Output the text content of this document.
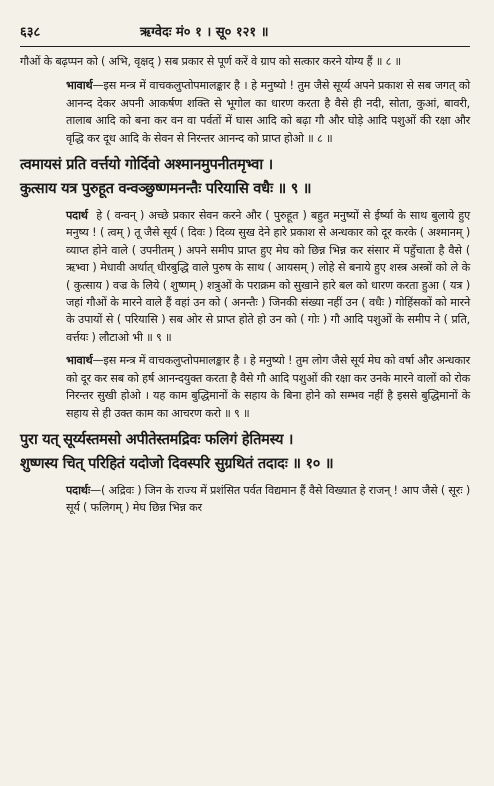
६३८	ऋग्वेदः मं० १ । सू० १२१ ॥

गौओं के बढ़प्पन को ( अभि, वृक्षद् ) सब प्रकार से पूर्ण करें वे ग्राप को सत्कार करने योग्य हैं ॥ ८ ॥

भावार्थ—इस मन्त्र में वाचकलुप्तोपमालङ्कार है । हे मनुष्यो ! तुम जैसे सूर्य्य अपने प्रकाश से सब जगत् को आनन्द देकर अपनी आकर्षण शक्ति से भूगोल का धारण करता है वैसे ही नदी, सोता, कुआं, बावरी, तालाब आदि को बना कर वन वा पर्वतों में घास आदि को बढ़ा गौ और घोड़े आदि पशुओं की रक्षा और वृद्धि कर दूध आदि के सेवन से निरन्तर आनन्द को प्राप्त होओ ॥ ८ ॥

त्वमायसं प्रति वर्त्तयो गोर्दिवो अश्मानमुपनीतमृभ्वा ।
कुत्साय यत्र पुरुहूत वन्वञ्छुष्णमनन्तैः परियासि वधैः ॥ ९ ॥

पदार्थ हे ( वन्वन् ) अच्छे प्रकार सेवन करने और ( पुरुहूत ) बहुत मनुष्यों से ईर्ष्या के साथ बुलाये हुए मनुष्य ! ( त्वम् ) तू जैसे सूर्य ( दिवः ) दिव्य सुख देने हारे प्रकाश से अन्धकार को दूर करके ( अश्मानम् ) व्याप्त होने वाले ( उपनीतम् ) अपने समीप प्राप्त हुए मेघ को छिन्न भिन्न कर संसार में पहुँचाता है वैसे ( ऋभ्वा ) मेधावी अर्थात् धीरबुद्धि वाले पुरुष के साथ ( आयसम् ) लोहे से बनाये हुए शस्त्र अस्त्रों को ले के ( कुत्साय ) वज्र के लिये ( शुष्णम् ) शत्रुओं के पराक्रम को सुखाने हारे बल को धारण करता हुआ ( यत्र ) जहां गौओं के मारने वाले हैं वहां उन को ( अनन्तैः ) जिनकी संख्या नहीं उन ( वधैः ) गोहिंसकों को मारने के उपायों से ( परियासि ) सब ओर से प्राप्त होते हो उन को ( गोः ) गौ आदि पशुओं के समीप ने ( प्रति, वर्त्तयः ) लौटाओ भी ॥ ९ ॥

भावार्थ—इस मन्त्र में वाचकलुप्तोपमालङ्कार है । हे मनुष्यो ! तुम लोग जैसे सूर्य मेघ को वर्षा और अन्धकार को दूर कर सब को हर्ष आनन्दयुक्त करता है वैसे गौ आदि पशुओं की रक्षा कर उनके मारने वालों को रोक निरन्तर सुखी होओ । यह काम बुद्धिमानों के सहाय के बिना होने को सम्भव नहीं है इससे बुद्धिमानों के सहाय से ही उक्त काम का आचरण करो ॥ ९ ॥

पुरा यत् सूर्य्यस्तमसो अपीतेस्तमद्रिवः फलिगं हेतिमस्य ।
शुष्णस्य चित् परिहितं यदोजो दिवस्परि सुग्रथितं तदादः ॥ १० ॥

पदार्थः—( अद्रिवः ) जिन के राज्य में प्रशंसित पर्वत विद्यमान हैं वैसे विख्यात हे राजन् ! आप जैसे ( सूरः ) सूर्य ( फलिगम् ) मेघ छिन्न भिन्न कर
